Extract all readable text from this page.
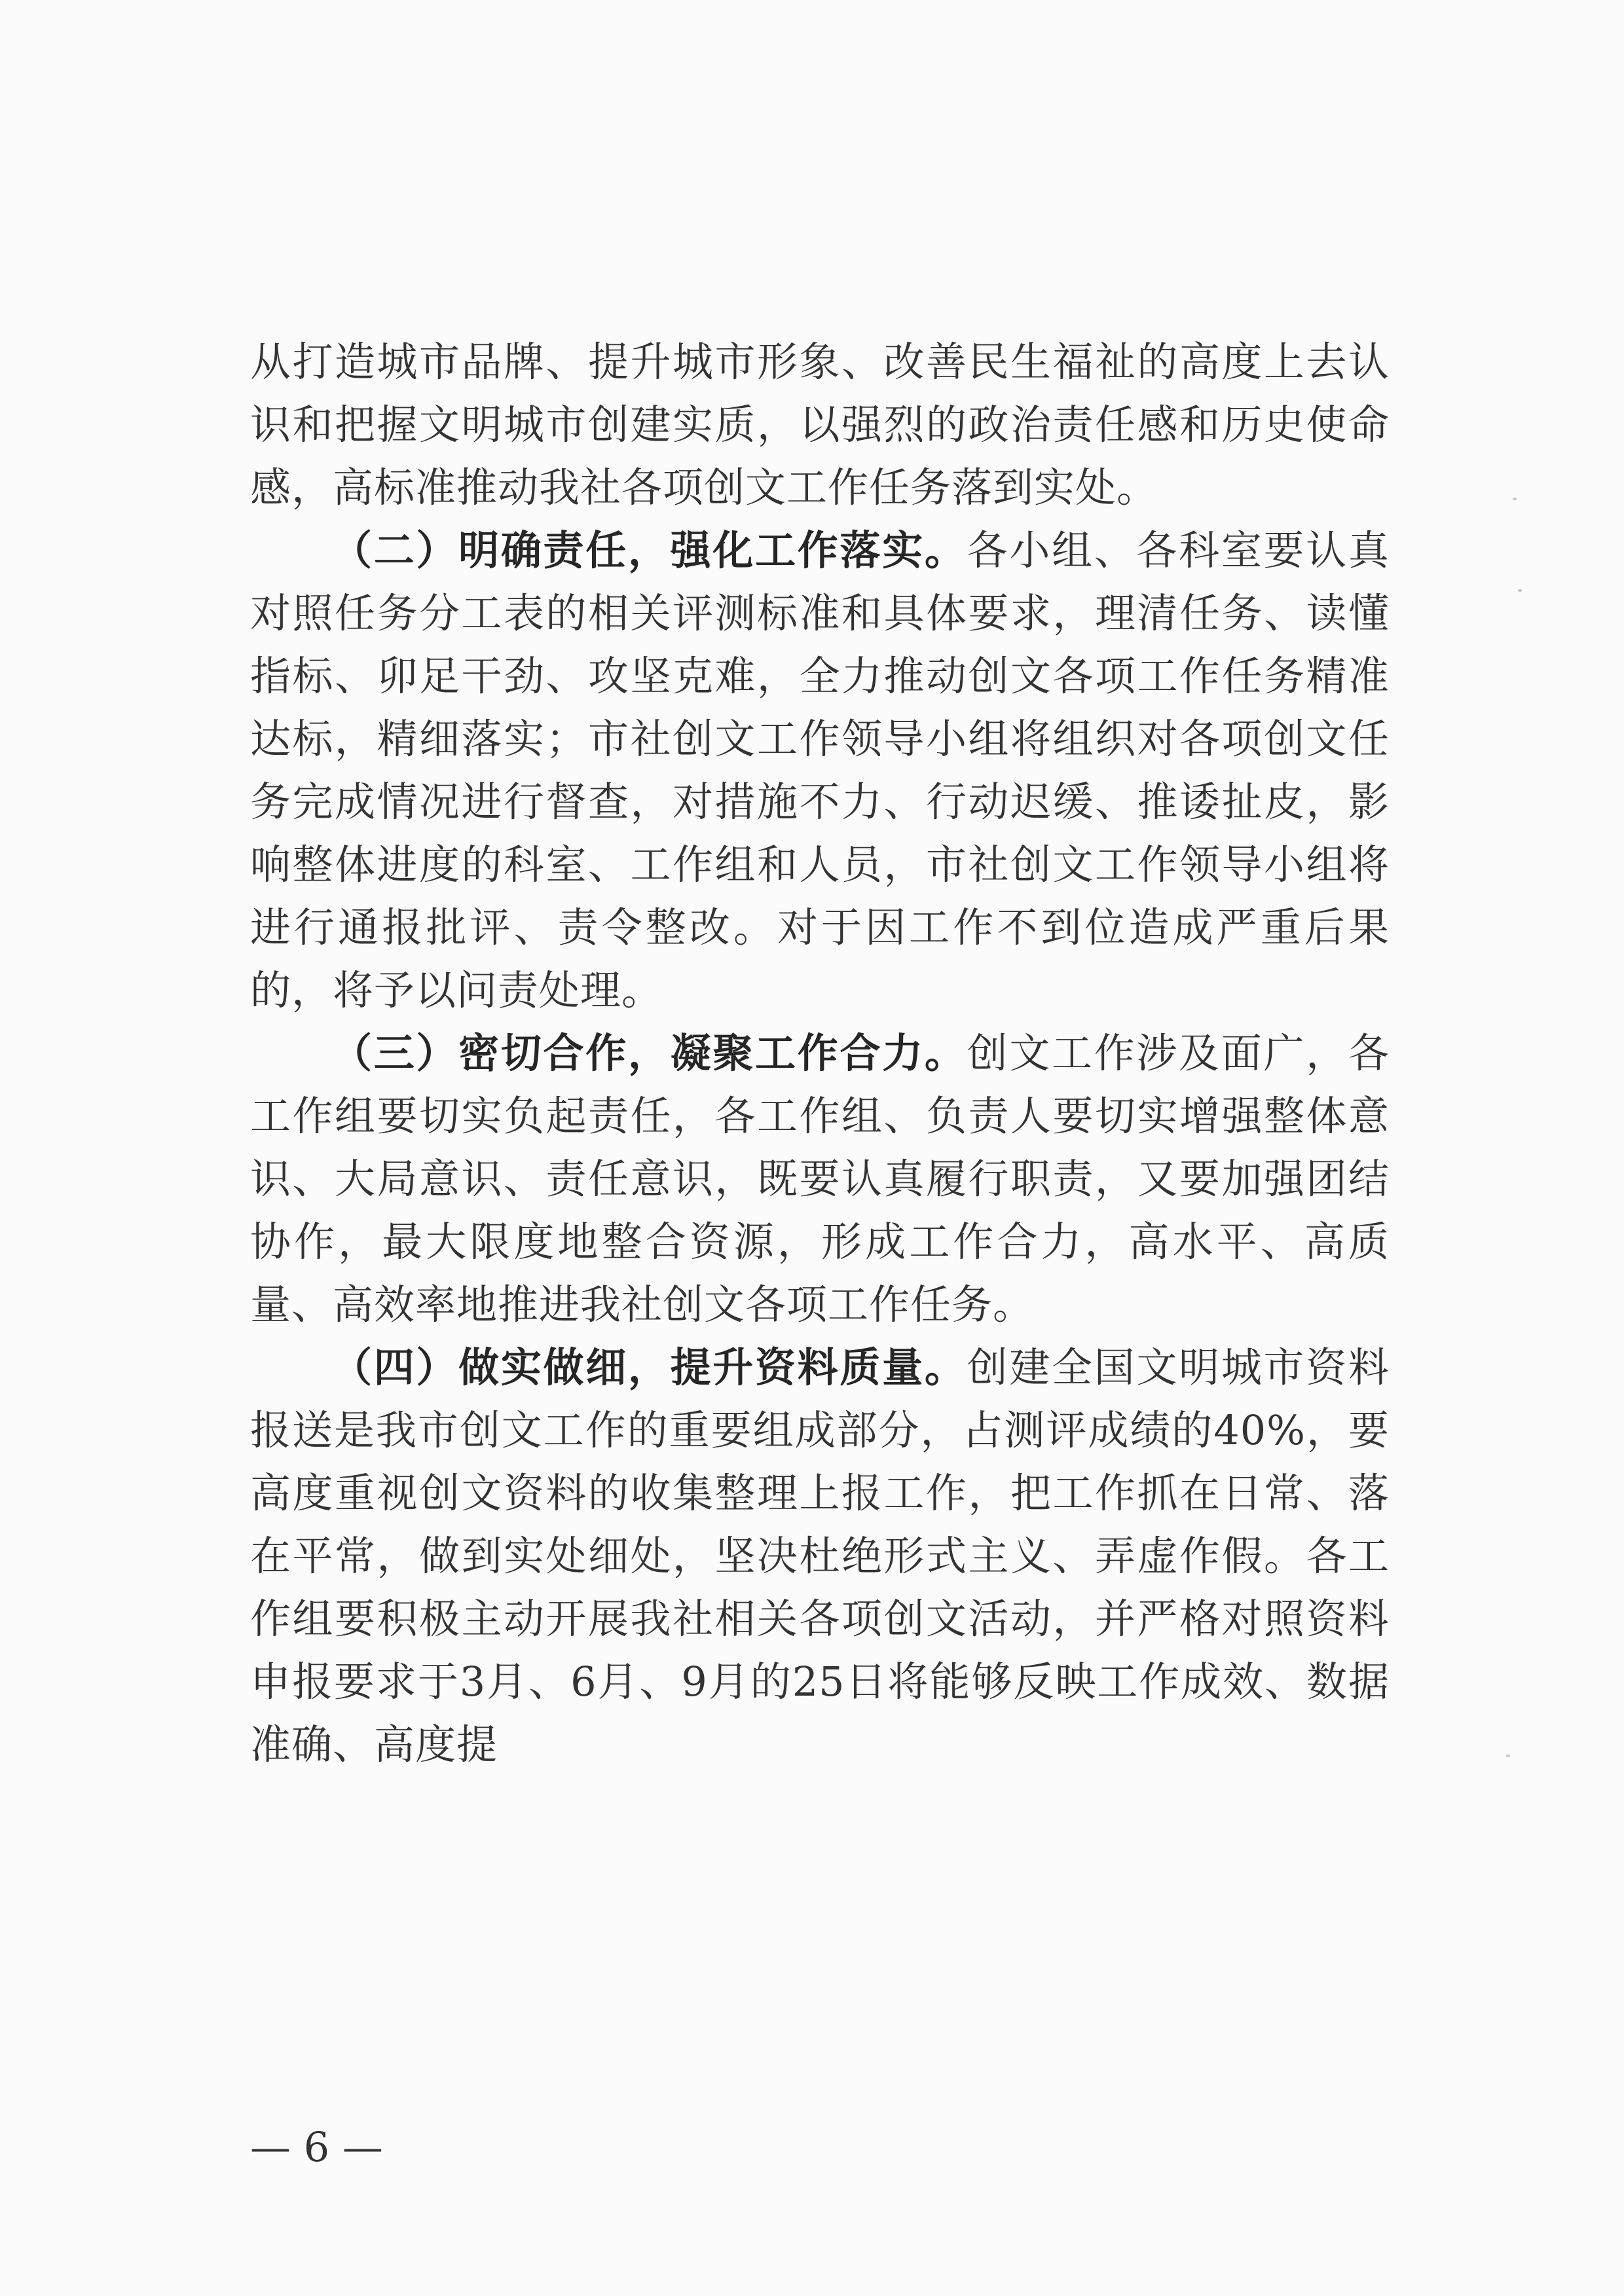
从打造城市品牌、提升城市形象、改善民生福祉的高度上去认识和把握文明城市创建实质，以强烈的政治责任感和历史使命感，高标准推动我社各项创文工作任务落到实处。

（二）明确责任，强化工作落实。各小组、各科室要认真对照任务分工表的相关评测标准和具体要求，理清任务、读懂指标、卯足干劲、攻坚克难，全力推动创文各项工作任务精准达标，精细落实；市社创文工作领导小组将组织对各项创文任务完成情况进行督查，对措施不力、行动迟缓、推诿扯皮，影响整体进度的科室、工作组和人员，市社创文工作领导小组将进行通报批评、责令整改。对于因工作不到位造成严重后果的，将予以问责处理。

（三）密切合作，凝聚工作合力。创文工作涉及面广，各工作组要切实负起责任，各工作组、负责人要切实增强整体意识、大局意识、责任意识，既要认真履行职责，又要加强团结协作，最大限度地整合资源，形成工作合力，高水平、高质量、高效率地推进我社创文各项工作任务。

（四）做实做细，提升资料质量。创建全国文明城市资料报送是我市创文工作的重要组成部分，占测评成绩的40%，要高度重视创文资料的收集整理上报工作，把工作抓在日常、落在平常，做到实处细处，坚决杜绝形式主义、弄虚作假。各工作组要积极主动开展我社相关各项创文活动，并严格对照资料申报要求于3月、6月、9月的25日将能够反映工作成效、数据准确、高度提

— 6 —
